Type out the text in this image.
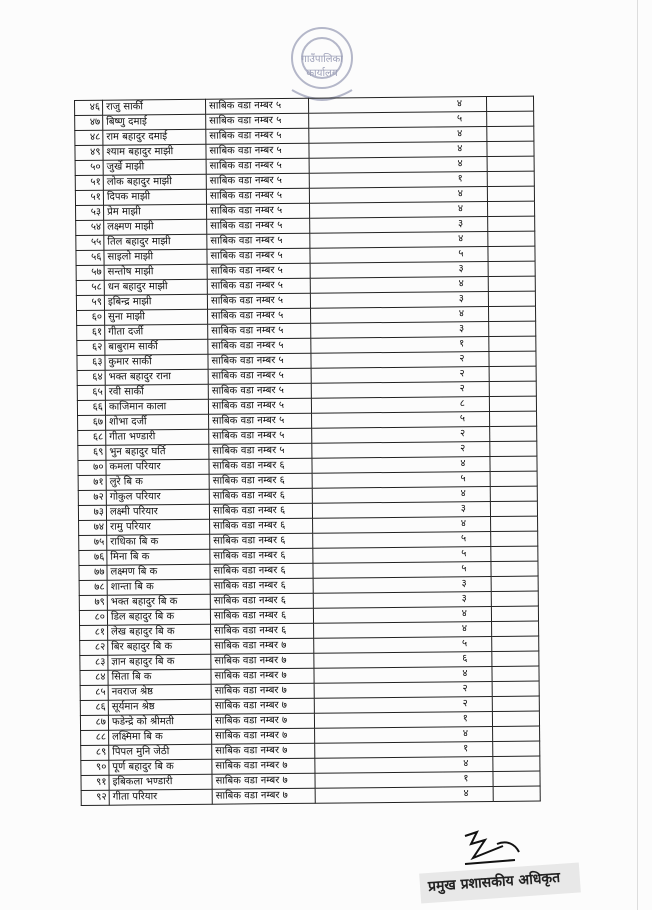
गाउँपालिका
कार्यालय
४६	राजु सार्की	साबिक वडा नम्बर ५	४	
४७	बिष्णु दमाई	साबिक वडा नम्बर ५	५	
४८	राम बहादुर दमाई	साबिक वडा नम्बर ५	४	
४९	श्याम बहादुर माझी	साबिक वडा नम्बर ५	४	
५०	जुर्खे माझी	साबिक वडा नम्बर ५	४	
५१	लोक बहादुर माझी	साबिक वडा नम्बर ५	१	
५१	दिपक माझी	साबिक वडा नम्बर ५	४	
५३	प्रेम माझी	साबिक वडा नम्बर ५	४	
५४	लक्ष्मण माझी	साबिक वडा नम्बर ५	३	
५५	तिल बहादुर माझी	साबिक वडा नम्बर ५	४	
५६	साइलो माझी	साबिक वडा नम्बर ५	५	
५७	सन्तोष माझी	साबिक वडा नम्बर ५	३	
५८	धन बहादुर माझी	साबिक वडा नम्बर ५	४	
५९	इबिन्द्र माझी	साबिक वडा नम्बर ५	३	
६०	सुना माझी	साबिक वडा नम्बर ५	४	
६१	गीता दर्जी	साबिक वडा नम्बर ५	३	
६२	बाबुराम सार्की	साबिक वडा नम्बर ५	१	
६३	कुमार सार्की	साबिक वडा नम्बर ५	२	
६४	भक्त बहादुर राना	साबिक वडा नम्बर ५	२	
६५	रवी सार्की	साबिक वडा नम्बर ५	२	
६६	काजिमान काला	साबिक वडा नम्बर ५	८	
६७	शोभा दर्जी	साबिक वडा नम्बर ५	५	
६८	गीता भण्डारी	साबिक वडा नम्बर ५	२	
६९	भुन बहादुर घर्ति	साबिक वडा नम्बर ५	२	
७०	कमला परियार	साबिक वडा नम्बर ६	४	
७१	लुरे बि क	साबिक वडा नम्बर ६	५	
७२	गोकुल परियार	साबिक वडा नम्बर ६	४	
७३	लक्ष्मी परियार	साबिक वडा नम्बर ६	३	
७४	रामु परियार	साबिक वडा नम्बर ६	४	
७५	राधिका बि क	साबिक वडा नम्बर ६	५	
७६	मिना बि क	साबिक वडा नम्बर ६	५	
७७	लक्ष्मण बि क	साबिक वडा नम्बर ६	५	
७८	शान्ता बि क	साबिक वडा नम्बर ६	३	
७९	भक्त बहादुर बि क	साबिक वडा नम्बर ६	३	
८०	डिल बहादुर बि क	साबिक वडा नम्बर ६	४	
८१	लेख बहादुर बि क	साबिक वडा नम्बर ६	४	
८२	बिर बहादुर बि क	साबिक वडा नम्बर ७	५	
८३	ज्ञान बहादुर बि क	साबिक वडा नम्बर ७	६	
८४	सिता बि क	साबिक वडा नम्बर ७	४	
८५	नवराज श्रेष्ठ	साबिक वडा नम्बर ७	२	
८६	सूर्यमान श्रेष्ठ	साबिक वडा नम्बर ७	२	
८७	फडेन्द्रे को श्रीमती	साबिक वडा नम्बर ७	१	
८८	लक्ष्मिमा बि क	साबिक वडा नम्बर ७	४	
८९	पिपल मुनि जेठी	साबिक वडा नम्बर ७	१	
९०	पूर्ण बहादुर बि क	साबिक वडा नम्बर ७	४	
९१	इबिकला भण्डारी	साबिक वडा नम्बर ७	१	
९२	गीता परियार	साबिक वडा नम्बर ७	४	
प्रमुख प्रशासकीय अधिकृत
